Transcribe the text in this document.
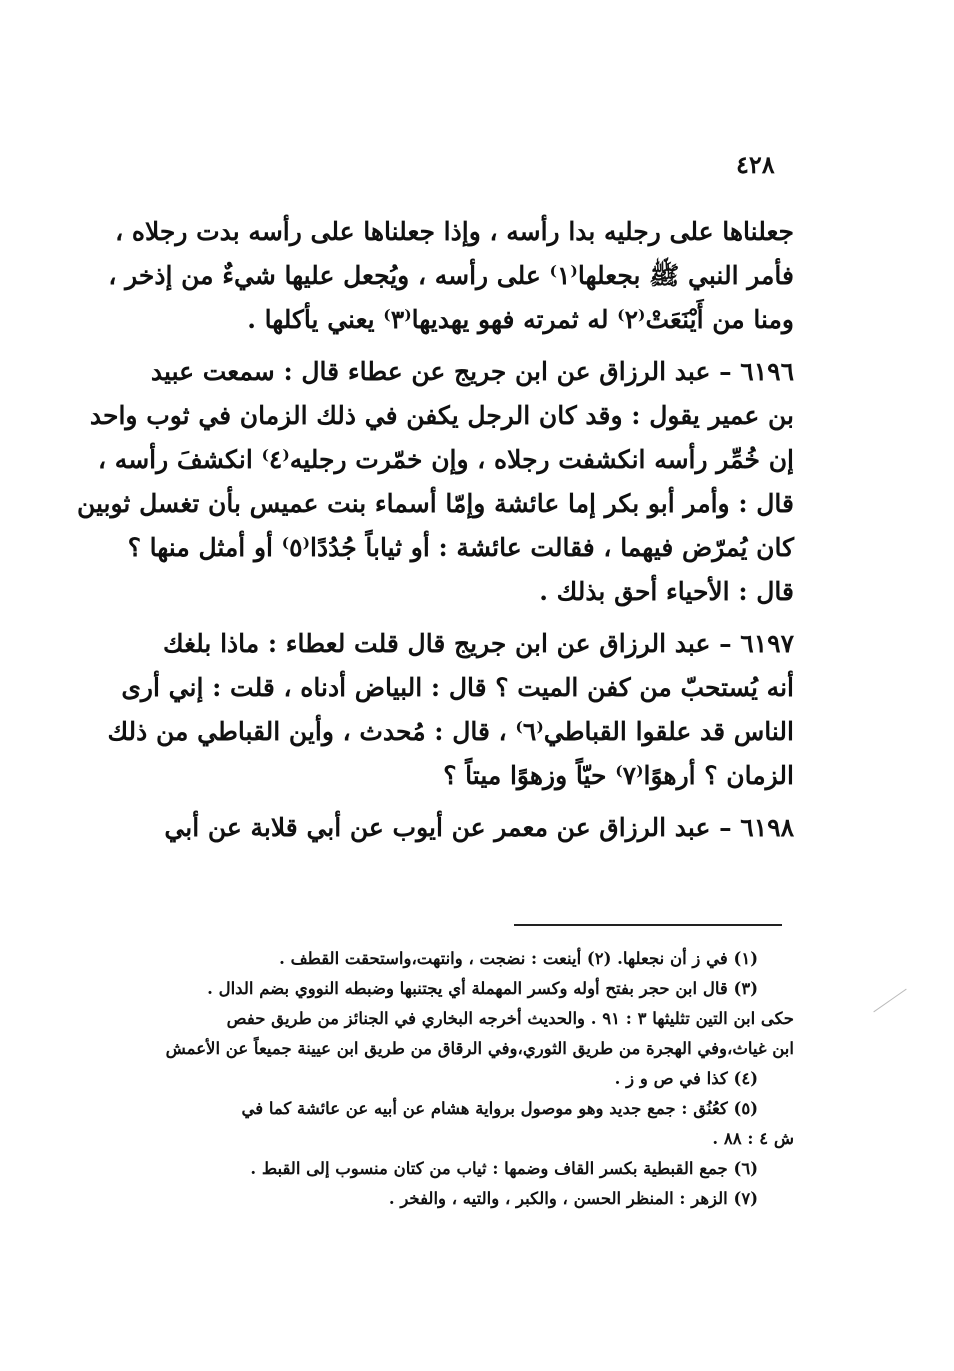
٤٢٨
جعلناها على رجليه بدا رأسه ، وإذا جعلناها على رأسه بدت رجلاه ،
فأمر النبي ﷺ بجعلها⁽١⁾ على رأسه ، ويُجعل عليها شيءٌ من إذخر ،
ومنا من أَيْنَعَتْ⁽٢⁾ له ثمرته فهو يهديها⁽٣⁾ يعني يأكلها .
٦١٩٦ – عبد الرزاق عن ابن جريج عن عطاء قال : سمعت عبيد
بن عمير يقول : وقد كان الرجل يكفن في ذلك الزمان في ثوب واحد
إن خُمِّر رأسه انكشفت رجلاه ، وإن خمّرت رجليه⁽٤⁾ انكشفَ رأسه ،
قال : وأمر أبو بكر إما عائشة وإمّا أسماء بنت عميس بأن تغسل ثوبين
كان يُمرّض فيهما ، فقالت عائشة : أو ثياباً جُدُدًا⁽٥⁾ أو أمثل منها ؟
قال : الأحياء أحق بذلك .
٦١٩٧ – عبد الرزاق عن ابن جريج قال قلت لعطاء : ماذا بلغك
أنه يُستحبّ من كفن الميت ؟ قال : البياض أدناه ، قلت : إني أرى
الناس قد علقوا القباطي⁽٦⁾ ، قال : مُحدث ، وأين القباطي من ذلك
الزمان ؟ أرهوًا⁽٧⁾ حيّاً وزهوًا ميتاً ؟
٦١٩٨ – عبد الرزاق عن معمر عن أيوب عن أبي قلابة عن أبي
(١) في ز أن نجعلها. (٢) أينعت : نضجت ، وانتهت،واستحقت القطف .
(٣) قال ابن حجر بفتح أوله وكسر المهملة أي يجتنبها وضبطه النووي بضم الدال .
حكى ابن التين تثليثها ٣ : ٩١ . والحديث أخرجه البخاري في الجنائز من طريق حفص
ابن غياث،وفي الهجرة من طريق الثوري،وفي الرقاق من طريق ابن عيينة جميعاً عن الأعمش
(٤) كذا في ص و ز .
(٥) كعُنُق : جمع جديد وهو موصول برواية هشام عن أبيه عن عائشة كما في
ش ٤ : ٨٨ .
(٦) جمع القبطية بكسر القاف وضمها : ثياب من كتان منسوب إلى القبط .
(٧) الزهر : المنظر الحسن ، والكبر ، والتيه ، والفخر .
